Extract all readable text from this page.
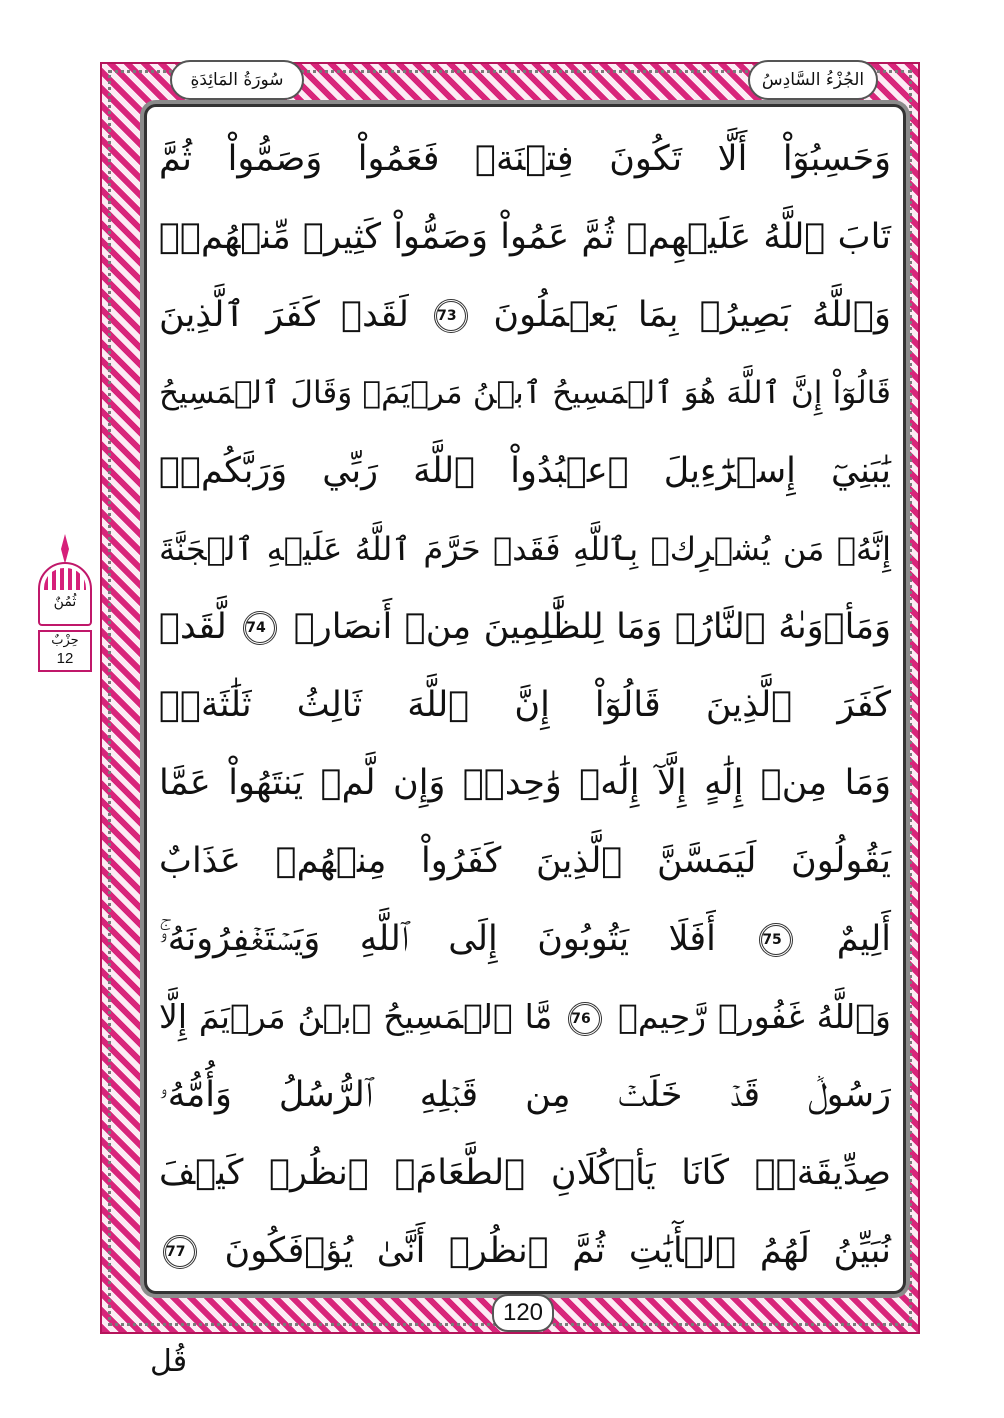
الجُزْءُ السَّادِسُ
سُورَةُ المَائِدَةِ
وَحَسِبُوٓاْ أَلَّا تَكُونَ فِتۡنَةٞ فَعَمُواْ وَصَمُّواْ ثُمَّ
تَابَ ٱللَّهُ عَلَيۡهِمۡ ثُمَّ عَمُواْ وَصَمُّواْ كَثِيرٞ مِّنۡهُمۡۚ
وَٱللَّهُ بَصِيرُۢ بِمَا يَعۡمَلُونَ 73 لَقَدۡ كَفَرَ ٱلَّذِينَ
قَالُوٓاْ إِنَّ ٱللَّهَ هُوَ ٱلۡمَسِيحُ ٱبۡنُ مَرۡيَمَۖ وَقَالَ ٱلۡمَسِيحُ
يَٰبَنِيٓ إِسۡرَٰٓءِيلَ ٱعۡبُدُواْ ٱللَّهَ رَبِّي وَرَبَّكُمۡۖ
إِنَّهُۥ مَن يُشۡرِكۡ بِٱللَّهِ فَقَدۡ حَرَّمَ ٱللَّهُ عَلَيۡهِ ٱلۡجَنَّةَ
وَمَأۡوَىٰهُ ٱلنَّارُۖ وَمَا لِلظَّٰلِمِينَ مِنۡ أَنصَارٖ 74 لَّقَدۡ
كَفَرَ ٱلَّذِينَ قَالُوٓاْ إِنَّ ٱللَّهَ ثَالِثُ ثَلَٰثَةٖۘ
وَمَا مِنۡ إِلَٰهٍ إِلَّآ إِلَٰهٞ وَٰحِدٞۚ وَإِن لَّمۡ يَنتَهُواْ عَمَّا
يَقُولُونَ لَيَمَسَّنَّ ٱلَّذِينَ كَفَرُواْ مِنۡهُمۡ عَذَابٌ
أَلِيمٌ 75 أَفَلَا يَتُوبُونَ إِلَى ٱللَّهِ وَيَسۡتَغۡفِرُونَهُۥۚ
وَٱللَّهُ غَفُورٞ رَّحِيمٞ 76 مَّا ٱلۡمَسِيحُ ٱبۡنُ مَرۡيَمَ إِلَّا
رَسُولٞ قَدۡ خَلَتۡ مِن قَبۡلِهِ ٱلرُّسُلُ وَأُمُّهُۥ
صِدِّيقَةٞۖ كَانَا يَأۡكُلَانِ ٱلطَّعَامَۗ ٱنظُرۡ كَيۡفَ
نُبَيِّنُ لَهُمُ ٱلۡأٓيَٰتِ ثُمَّ ٱنظُرۡ أَنَّىٰ يُؤۡفَكُونَ 77
120
ثُمُنٌ
حِزْبٌ
12
قُل
